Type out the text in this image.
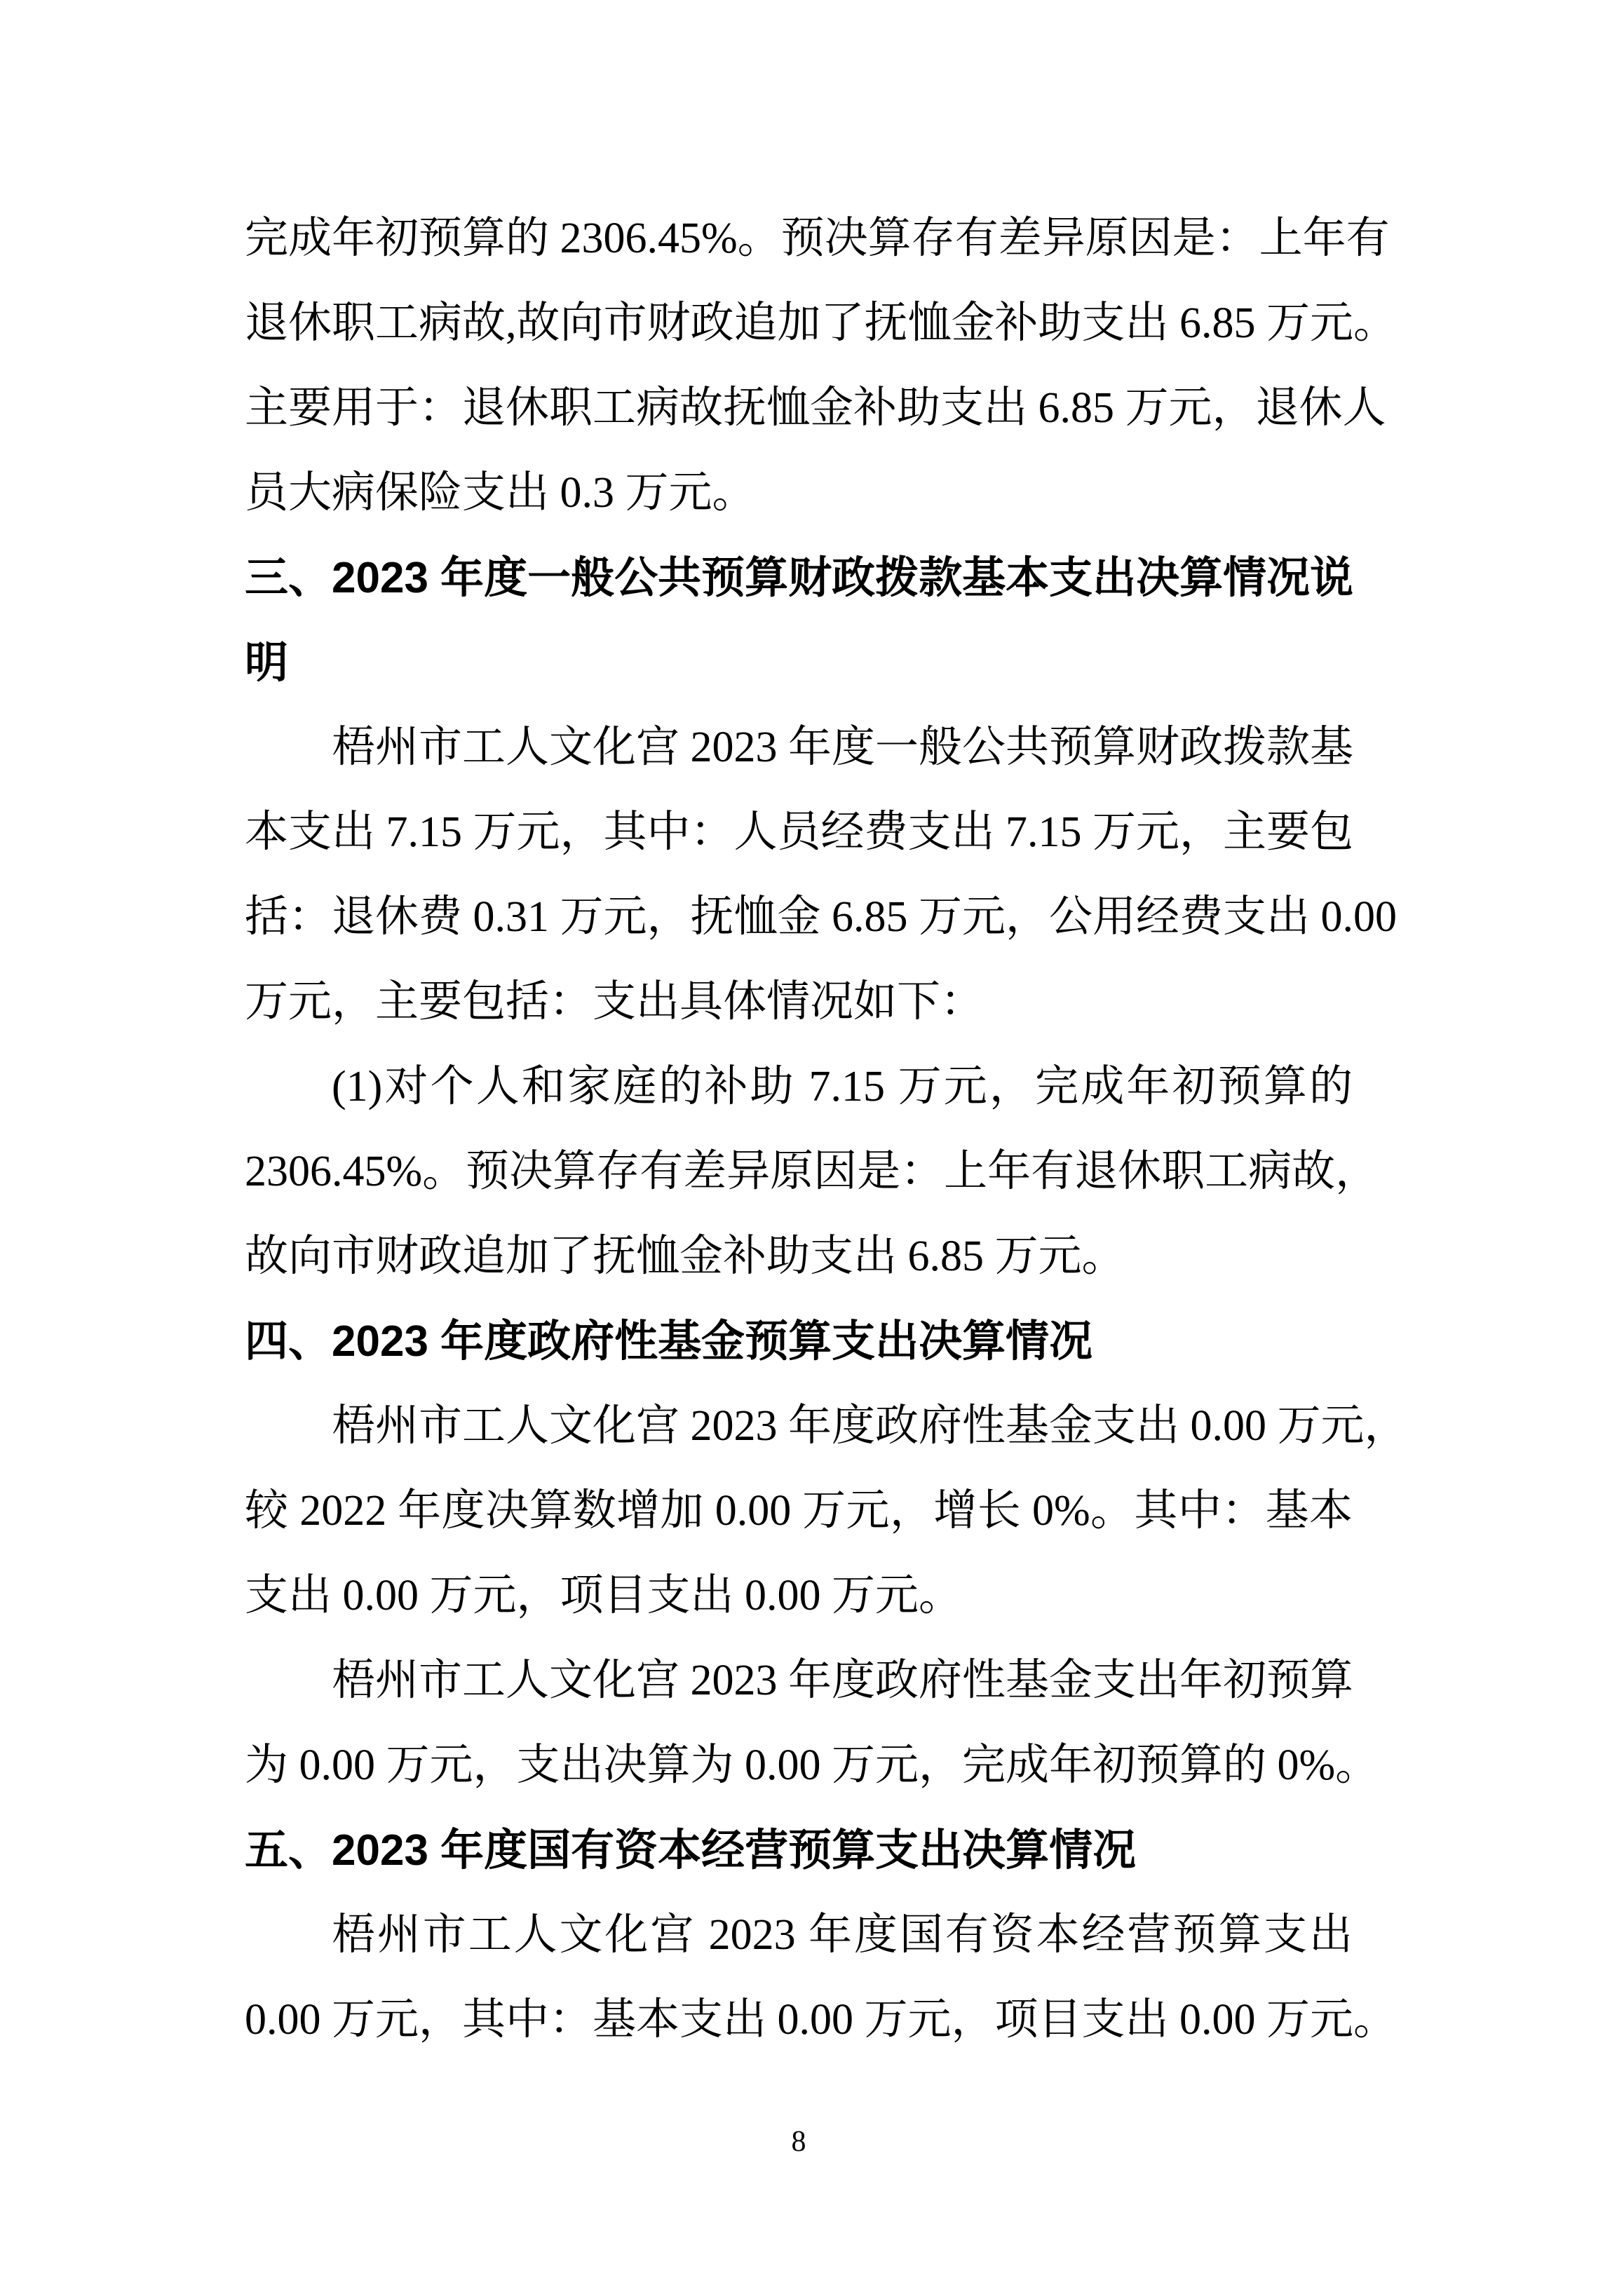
完成年初预算的 2306.45%。预决算存有差异原因是：上年有
退休职工病故,故向市财政追加了抚恤金补助支出 6.85 万元。
主要用于：退休职工病故抚恤金补助支出 6.85 万元，退休人
员大病保险支出 0.3 万元。
三、2023 年度一般公共预算财政拨款基本支出决算情况说
明
梧州市工人文化宫 2023 年度一般公共预算财政拨款基
本支出 7.15 万元，其中：人员经费支出 7.15 万元，主要包
括：退休费 0.31 万元，抚恤金 6.85 万元，公用经费支出 0.00
万元，主要包括：支出具体情况如下：
(1)对个人和家庭的补助 7.15 万元，完成年初预算的
2306.45%。预决算存有差异原因是：上年有退休职工病故，
故向市财政追加了抚恤金补助支出 6.85 万元。
四、2023 年度政府性基金预算支出决算情况
梧州市工人文化宫 2023 年度政府性基金支出 0.00 万元，
较 2022 年度决算数增加 0.00 万元，增长 0%。其中：基本
支出 0.00 万元，项目支出 0.00 万元。
梧州市工人文化宫 2023 年度政府性基金支出年初预算
为 0.00 万元，支出决算为 0.00 万元，完成年初预算的 0%。
五、2023 年度国有资本经营预算支出决算情况
梧州市工人文化宫 2023 年度国有资本经营预算支出
0.00 万元，其中：基本支出 0.00 万元，项目支出 0.00 万元。
8
